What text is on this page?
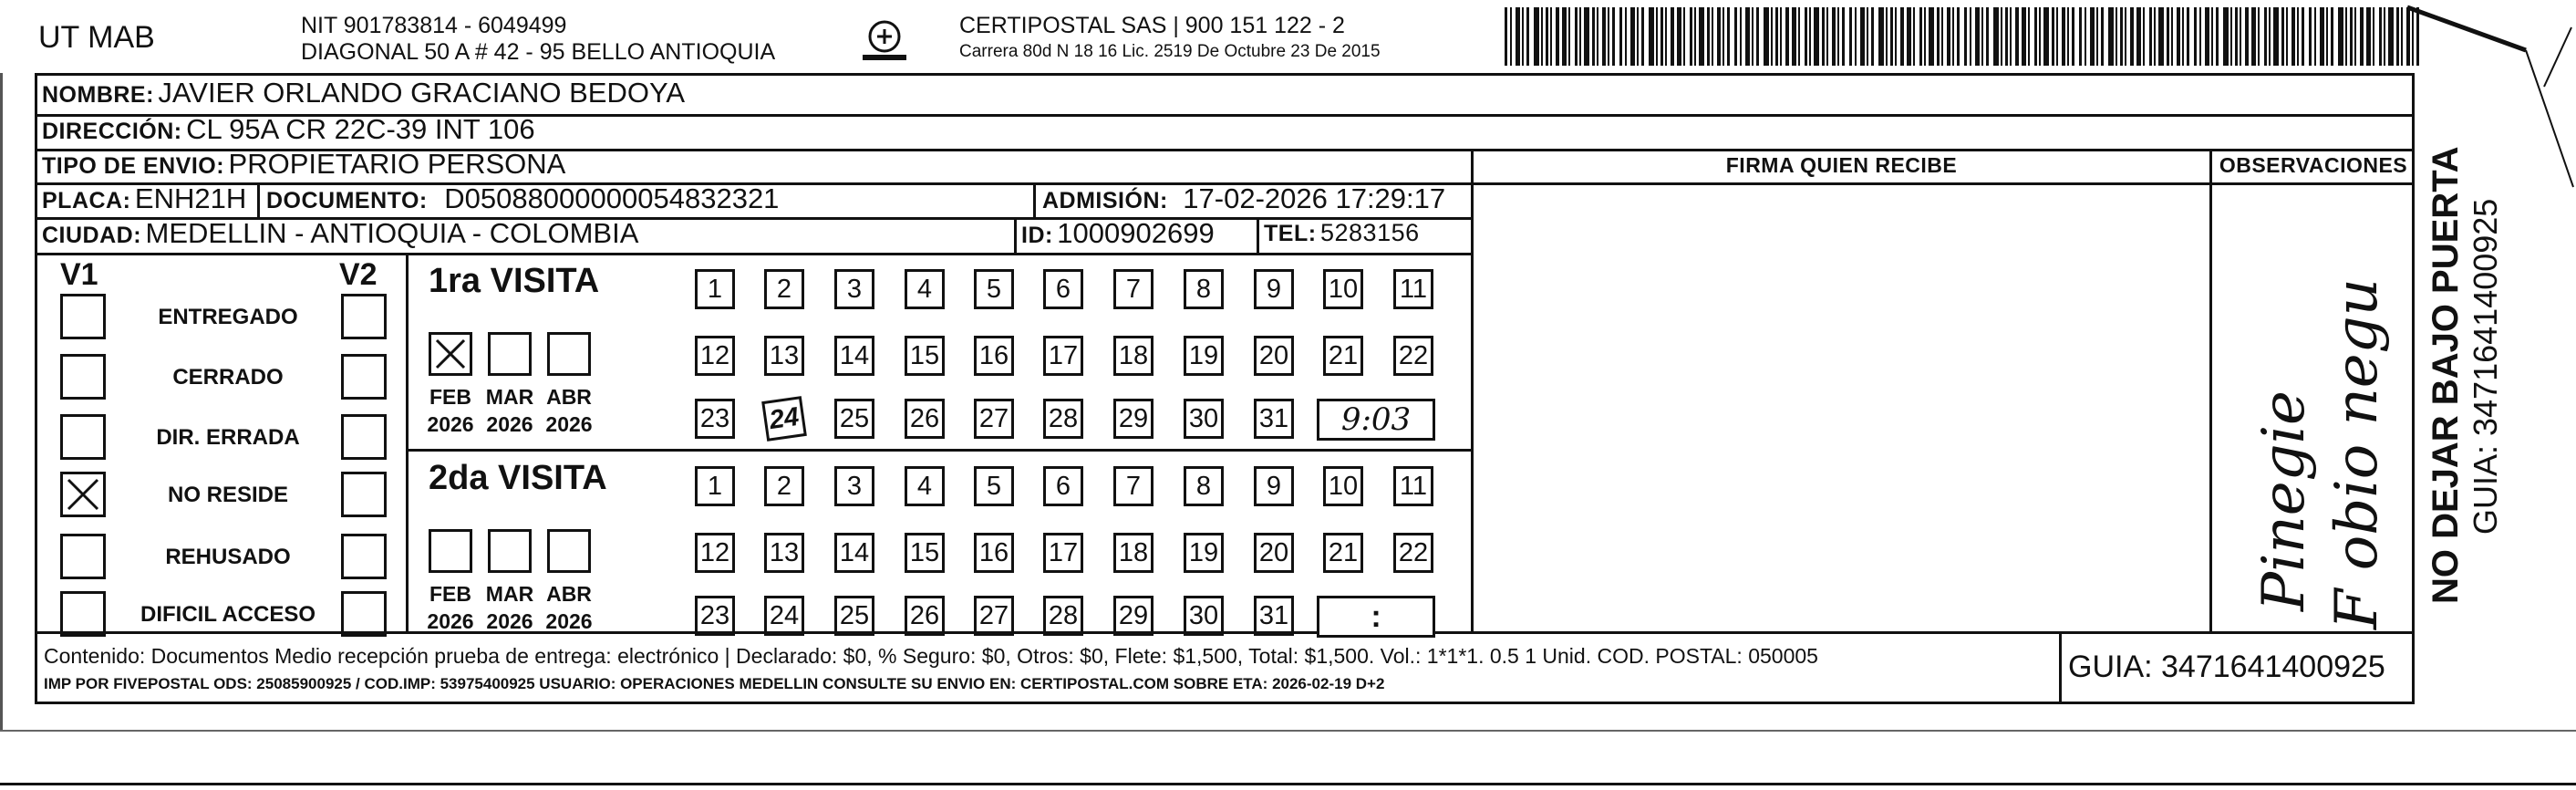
UT MAB	NIT 901783814 - 6049499
DIAGONAL 50 A # 42 - 95 BELLO ANTIOQUIA
CERTIPOSTAL SAS | 900 151 122 - 2
Carrera 80d N 18 16 Lic. 2519 De Octubre 23 De 2015
NOMBRE: JAVIER ORLANDO GRACIANO BEDOYA
DIRECCIÓN: CL 95A CR 22C-39 INT 106
TIPO DE ENVIO: PROPIETARIO PERSONA
PLACA: ENH21H DOCUMENTO: D05088000000054832321	ADMISIÓN: 17-02-2026 17:29:17
CIUDAD: MEDELLIN - ANTIOQUIA - COLOMBIA	ID: 1000902699 TEL: 5283156
FIRMA QUIEN RECIBE	OBSERVACIONES
V1	V2
ENTREGADO
CERRADO
DIR. ERRADA
NO RESIDE
REHUSADO
DIFICIL ACCESO
1ra VISITA
FEB
2026
MAR
2026
ABR
2026
1	2	3	4	5	6	7	8	9	10 11
12 13 14 15 16 17 18 19 20 21 22
23 24 25 26 27 28 29 30 31	9:03
2da VISITA
FEB
2026
MAR
2026
ABR
2026
1	2	3	4	5	6	7	8	9	10 11
12 13 14 15 16 17 18 19 20 21 22
23 24 25 26 27 28 29 30 31	:
Contenido: Documentos Medio recepción prueba de entrega: electrónico | Declarado: $0, % Seguro: $0, Otros: $0, Flete: $1,500, Total: $1,500. Vol.: 1*1*1. 0.5 1 Unid. COD. POSTAL: 050005
IMP POR FIVEPOSTAL ODS: 25085900925 / COD.IMP: 53975400925 USUARIO: OPERACIONES MEDELLIN CONSULTE SU ENVIO EN: CERTIPOSTAL.COM SOBRE ETA: 2026-02-19 D+2	GUIA: 3471641400925
NO DEJAR BAJO PUERTA GUIA: 3471641400925
Pinegie F obio negu
